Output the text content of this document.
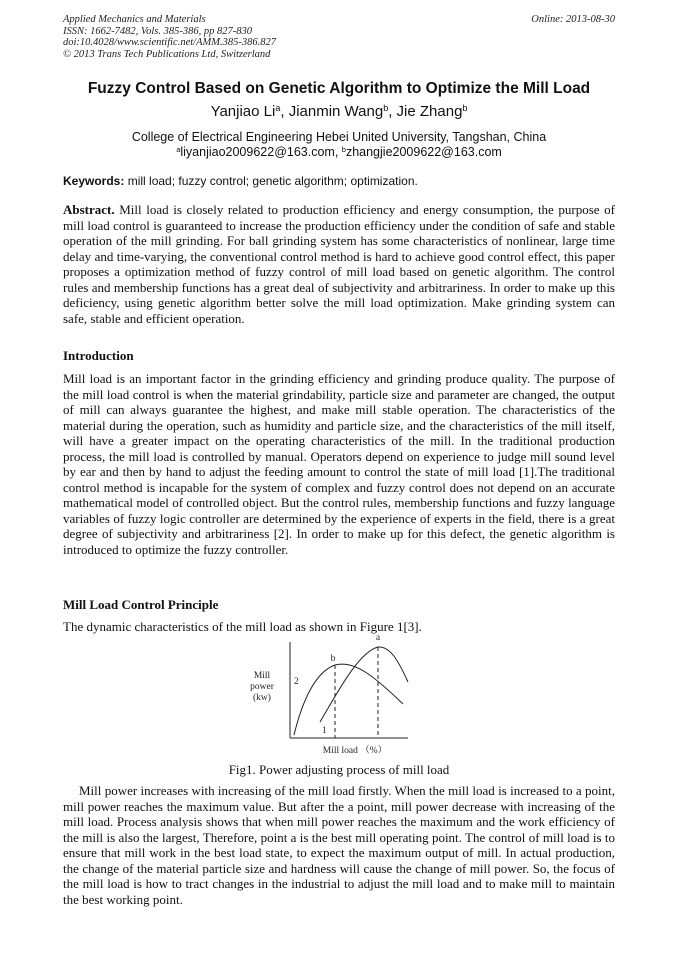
Applied Mechanics and Materials
ISSN: 1662-7482, Vols. 385-386, pp 827-830
doi:10.4028/www.scientific.net/AMM.385-386.827
© 2013 Trans Tech Publications Ltd, Switzerland
Online: 2013-08-30
Fuzzy Control Based on Genetic Algorithm to Optimize the Mill Load
Yanjiao Li$^a$, Jianmin Wang$^b$, Jie Zhang$^b$
College of Electrical Engineering Hebei United University, Tangshan, China
$^a$liyanjiao2009622@163.com, $^b$zhangjie2009622@163.com
Keywords: mill load; fuzzy control; genetic algorithm; optimization.
Abstract. Mill load is closely related to production efficiency and energy consumption, the purpose of mill load control is guaranteed to increase the production efficiency under the condition of safe and stable operation of the mill grinding. For ball grinding system has some characteristics of nonlinear, large time delay and time-varying, the conventional control method is hard to achieve good control effect, this paper proposes a optimization method of fuzzy control of mill load based on genetic algorithm. The control rules and membership functions has a great deal of subjectivity and arbitrariness. In order to make up this deficiency, using genetic algorithm better solve the mill load optimization. Make grinding system can safe, stable and efficient operation.
Introduction
Mill load is an important factor in the grinding efficiency and grinding produce quality. The purpose of the mill load control is when the material grindability, particle size and parameter are changed, the output of mill can always guarantee the highest, and make mill stable operation. The characteristics of the material during the operation, such as humidity and particle size, and the characteristics of the mill itself, will have a greater impact on the operating characteristics of the mill. In the traditional production process, the mill load is controlled by manual. Operators depend on experience to judge mill sound level by ear and then by hand to adjust the feeding amount to control the state of mill load [1].The traditional control method is incapable for the system of complex and fuzzy control does not depend on an accurate mathematical model of controlled object. But the control rules, membership functions and fuzzy language variables of fuzzy logic controller are determined by the experience of experts in the field, there is a great degree of subjectivity and arbitrariness [2]. In order to make up for this defect, the genetic algorithm is introduced to optimize the fuzzy controller.
Mill Load Control Principle
The dynamic characteristics of the mill load as shown in Figure 1[3].
a
b
2
1
Mill
power
(kw)
Mill load （%）
Fig1. Power adjusting process of mill load
Mill power increases with increasing of the mill load firstly. When the mill load is increased to a point, mill power reaches the maximum value. But after the a point, mill power decrease with increasing of the mill load. Process analysis shows that when mill power reaches the maximum and the work efficiency of the mill is also the largest, Therefore, point a is the best mill operating point. The control of mill load is to ensure that mill work in the best load state, to expect the maximum output of mill. In actual production, the change of the material particle size and hardness will cause the change of mill power. So, the focus of the mill load is how to tract changes in the industrial to adjust the mill load and to make mill to maintain the best working point.
